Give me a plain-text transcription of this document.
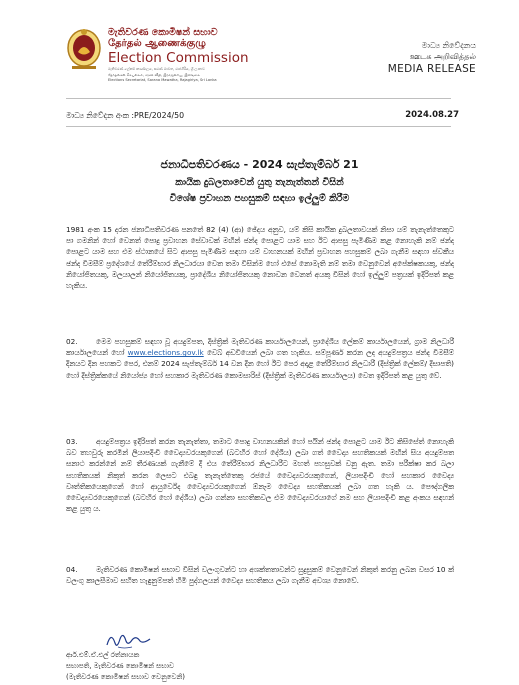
මැතිවරණ කොමිෂන් සභාව
தேர்தல் ஆணைக்குழு
Election Commission
මැතිවරණ ලේකම් කාර්යාලය, සරණ මාවත, රාජගිරිය, ශ්‍රී ලංකාව
தேர்தல்கள் செயலகம், சரண வீதி, இராஜகிரிய, இலங்கை
Elections Secretariat, Sarana Mawatha, Rajagiriya, Sri Lanka
මාධ්‍ය නිවේදනය
ஊடக அறிவித்தல்
MEDIA RELEASE
මාධ්‍ය නිවේදන අංක :PRE/2024/50	2024.08.27
ජනාධිපතිවරණය - 2024 සැප්තැම්බර් 21
කායික දුබලතාවෙන් යුතු තැනැත්තන් විසින්
විශේෂ ප්‍රවාහන පහසුකම් සඳහා ඉල්ලුම් කිරීම
1981 අංක 15 දරන ජනාධිපතිවරණ පනතේ 82 (4) (ආ) ඡේදය අනුව, යම් කිසි කායික දුබලතාවයක් නිසා යම් තැනැත්තෙකුට පා ගමනින් හෝ වෙනත් පොදු ප්‍රවාහන සේවාවක් මඟින් ඡන්ද පොළට යාම සහ ඊට ආපසු පැමිණීම කළ නොහැකි නම් ඡන්ද පොළට යාම සහ එම ස්ථානයේ සිට ආපසු පැමිණීම සඳහා යම් වාහනයක් මඟින් ප්‍රවාහන පහසුකම් ලබා ගැනීම සඳහා ස්වකීය ඡන්ද විමසීම් ප්‍රදේශයේ තේරීම්භාර නිලධාරයා වෙත තමා විසින්ම හෝ එසේ නොමැති නම් තමා වෙනුවෙන් අපේක්ෂකයකු, ඡන්ද නියෝජිතයකු, මලයාලන් නියෝජිතයකු, ප්‍රාදේශීය නියෝජිතයකු නොවන වෙනත් අයකු විසින් හෝ ඉල්ලුම් පත්‍රයක් ඉදිරිපත් කළ හැකිය.
02.	මෙම පහසුකම් සඳහා වූ අයදුම්පත, දිස්ත්‍රික් මැතිවරණ කාර්යාලයෙන්, ප්‍රාදේශීය ලේකම් කාර්යාලයෙන්, ග්‍රාම නිලධාරී කාර්යාලයෙන් හෝ www.elections.gov.lk වෙබ් අඩවියෙන් ලබා ගත හැකිය. සම්පූර්ණ කරන ලද අයදුම්පත්‍රය ඡන්ද විමසීම් දිනයට දින පහකට පෙර, එනම් 2024 සැප්තැම්බර් 14 වන දින හෝ ඊට පෙර අදාළ තේරීම්භාර නිලධාරී (දිස්ත්‍රික් ලේකම්/ දිසාපති) හෝ දිස්ත්‍රික්කයේ නියෝජ්‍ය හෝ සහකාර මැතිවරණ කොමසාරිස් (දිස්ත්‍රික් මැතිවරණ කාර්යාලය) වෙත ඉදිරිපත් කළ යුතු වේ.
03.	අයදුම්පත්‍රය ඉදිරිපත් කරන තැනැත්තා, තමාට පොදු වාහනයකින් හෝ පයින් ඡන්ද පොළට යාම ඊට කිසිසේත් නොහැකි බව තහවුරු කරමින් ලියාපදිංචි වෛද්‍යවරයකුගෙන් (බටහිර හෝ දේශීය) ලබා ගත් වෛද්‍ය සහතිකයක් මඟින් සිය අයදුම්පත සනාථ කරන්නේ නම් තීරණයක් ගැනීමේ දී එය තේරීම්භාර නිලධාරීට මහත් පහසුවක් වනු ඇත. තමා පරීක්ෂා කර බලා සහතිකයක් නිකුත් කරන ලෙසට එබඳු තැනැත්තෙකු රජයේ වෛද්‍යවරයකුගෙන්, ලියාපදිංචි හෝ සහකාර වෛද්‍ය වෘත්තිකයෙකුගෙන් හෝ ආයුර්වේද වෛද්‍යවරයකුගෙන් ඕනෑම වෛද්‍ය සහතිකයක් ලබා ගත හැකි ය. පෞද්ගලික වෛද්‍යවරයෙකුගෙන් (බටහිර හෝ දේශීය) ලබා ගන්නා සහතිකවල එම වෛද්‍යවරයාගේ නම සහ ලියාපදිංචි කළ අංකය සඳහන් කළ යුතු ය.
04.	මැතිවරණ කොමිෂන් සභාව විසින් වලංගුවන්ට හා අශක්තතාවන්ට සුදුසුකම් වෙනුවෙන් නිකුත් කරනු ලබන වසර 10 ක් වලංගු කාලසීමාව සහිත හැඳුනුම්පත් හිමි පුද්ගලයන් වෛද්‍ය සහතිකය ලබා ගැනීම අවශ්‍ය නොවේ.
ආර්.එම්.ඒ.එල් රත්නායක
සභාපති, මැතිවරණ කොමිෂන් සභාව
(මැතිවරණ කොමිෂන් සභාව වෙනුවෙනි)
